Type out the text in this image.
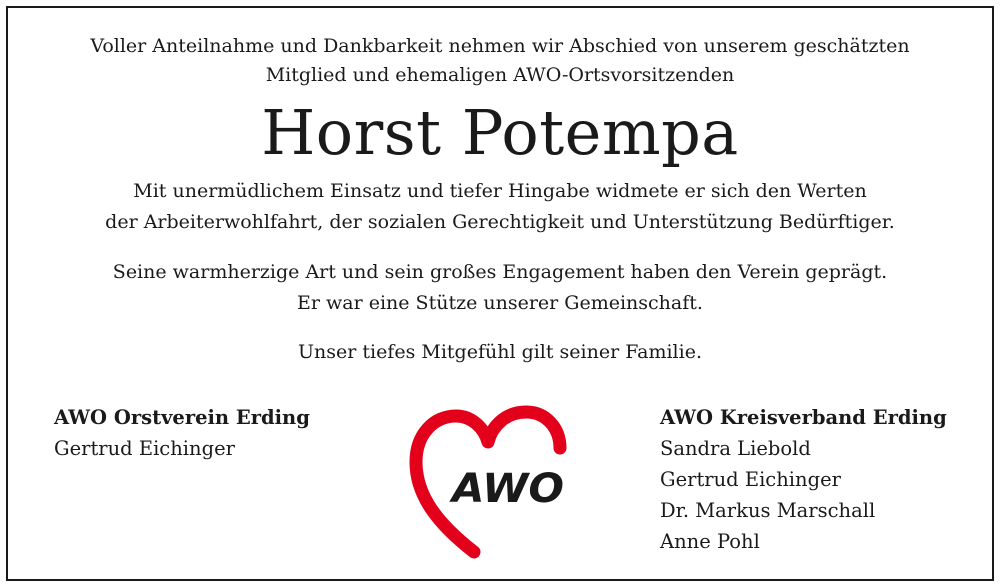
Voller Anteilnahme und Dankbarkeit nehmen wir Abschied von unserem geschätzten
Mitglied und ehemaligen AWO-Ortsvorsitzenden
Horst Potempa
Mit unermüdlichem Einsatz und tiefer Hingabe widmete er sich den Werten
der Arbeiterwohlfahrt, der sozialen Gerechtigkeit und Unterstützung Bedürftiger.
Seine warmherzige Art und sein großes Engagement haben den Verein geprägt.
Er war eine Stütze unserer Gemeinschaft.
Unser tiefes Mitgefühl gilt seiner Familie.
AWO Orstverein Erding
Gertrud Eichinger
AWO
AWO Kreisverband Erding
Sandra Liebold
Gertrud Eichinger
Dr. Markus Marschall
Anne Pohl
